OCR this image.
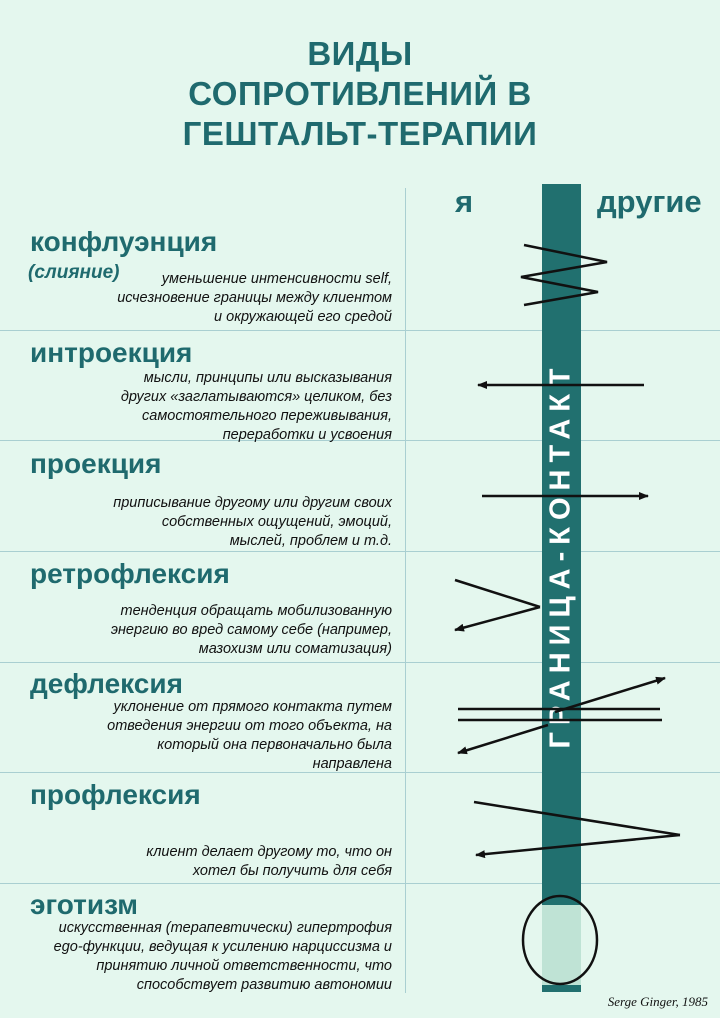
ВИДЫ
СОПРОТИВЛЕНИЙ В
ГЕШТАЛЬТ-ТЕРАПИИ
я	другие
ГРАНИЦА-КОНТАКТ
конфлуэнция
(слияние)	уменьшение интенсивности self,
исчезновение границы между клиентом
и окружающей его средой
интроекция
мысли, принципы или высказывания
других «заглатываются» целиком, без
самостоятельного переживывания,
переработки и усвоения
проекция
приписывание другому или другим своих
собственных ощущений, эмоций,
мыслей, проблем и т.д.
ретрофлексия
тенденция обращать мобилизованную
энергию во вред самому себе (например,
мазохизм или соматизация)
дефлексия
уклонение от прямого контакта путем
отведения энергии от того объекта, на
который она первоначально была
направлена
профлексия
клиент делает другому то, что он
хотел бы получить для себя
эготизм
искусственная (терапевтически) гипертрофия
ego-функции, ведущая к усилению нарциссизма и
принятию личной ответственности, что
способствует развитию автономии
Serge Ginger, 1985
